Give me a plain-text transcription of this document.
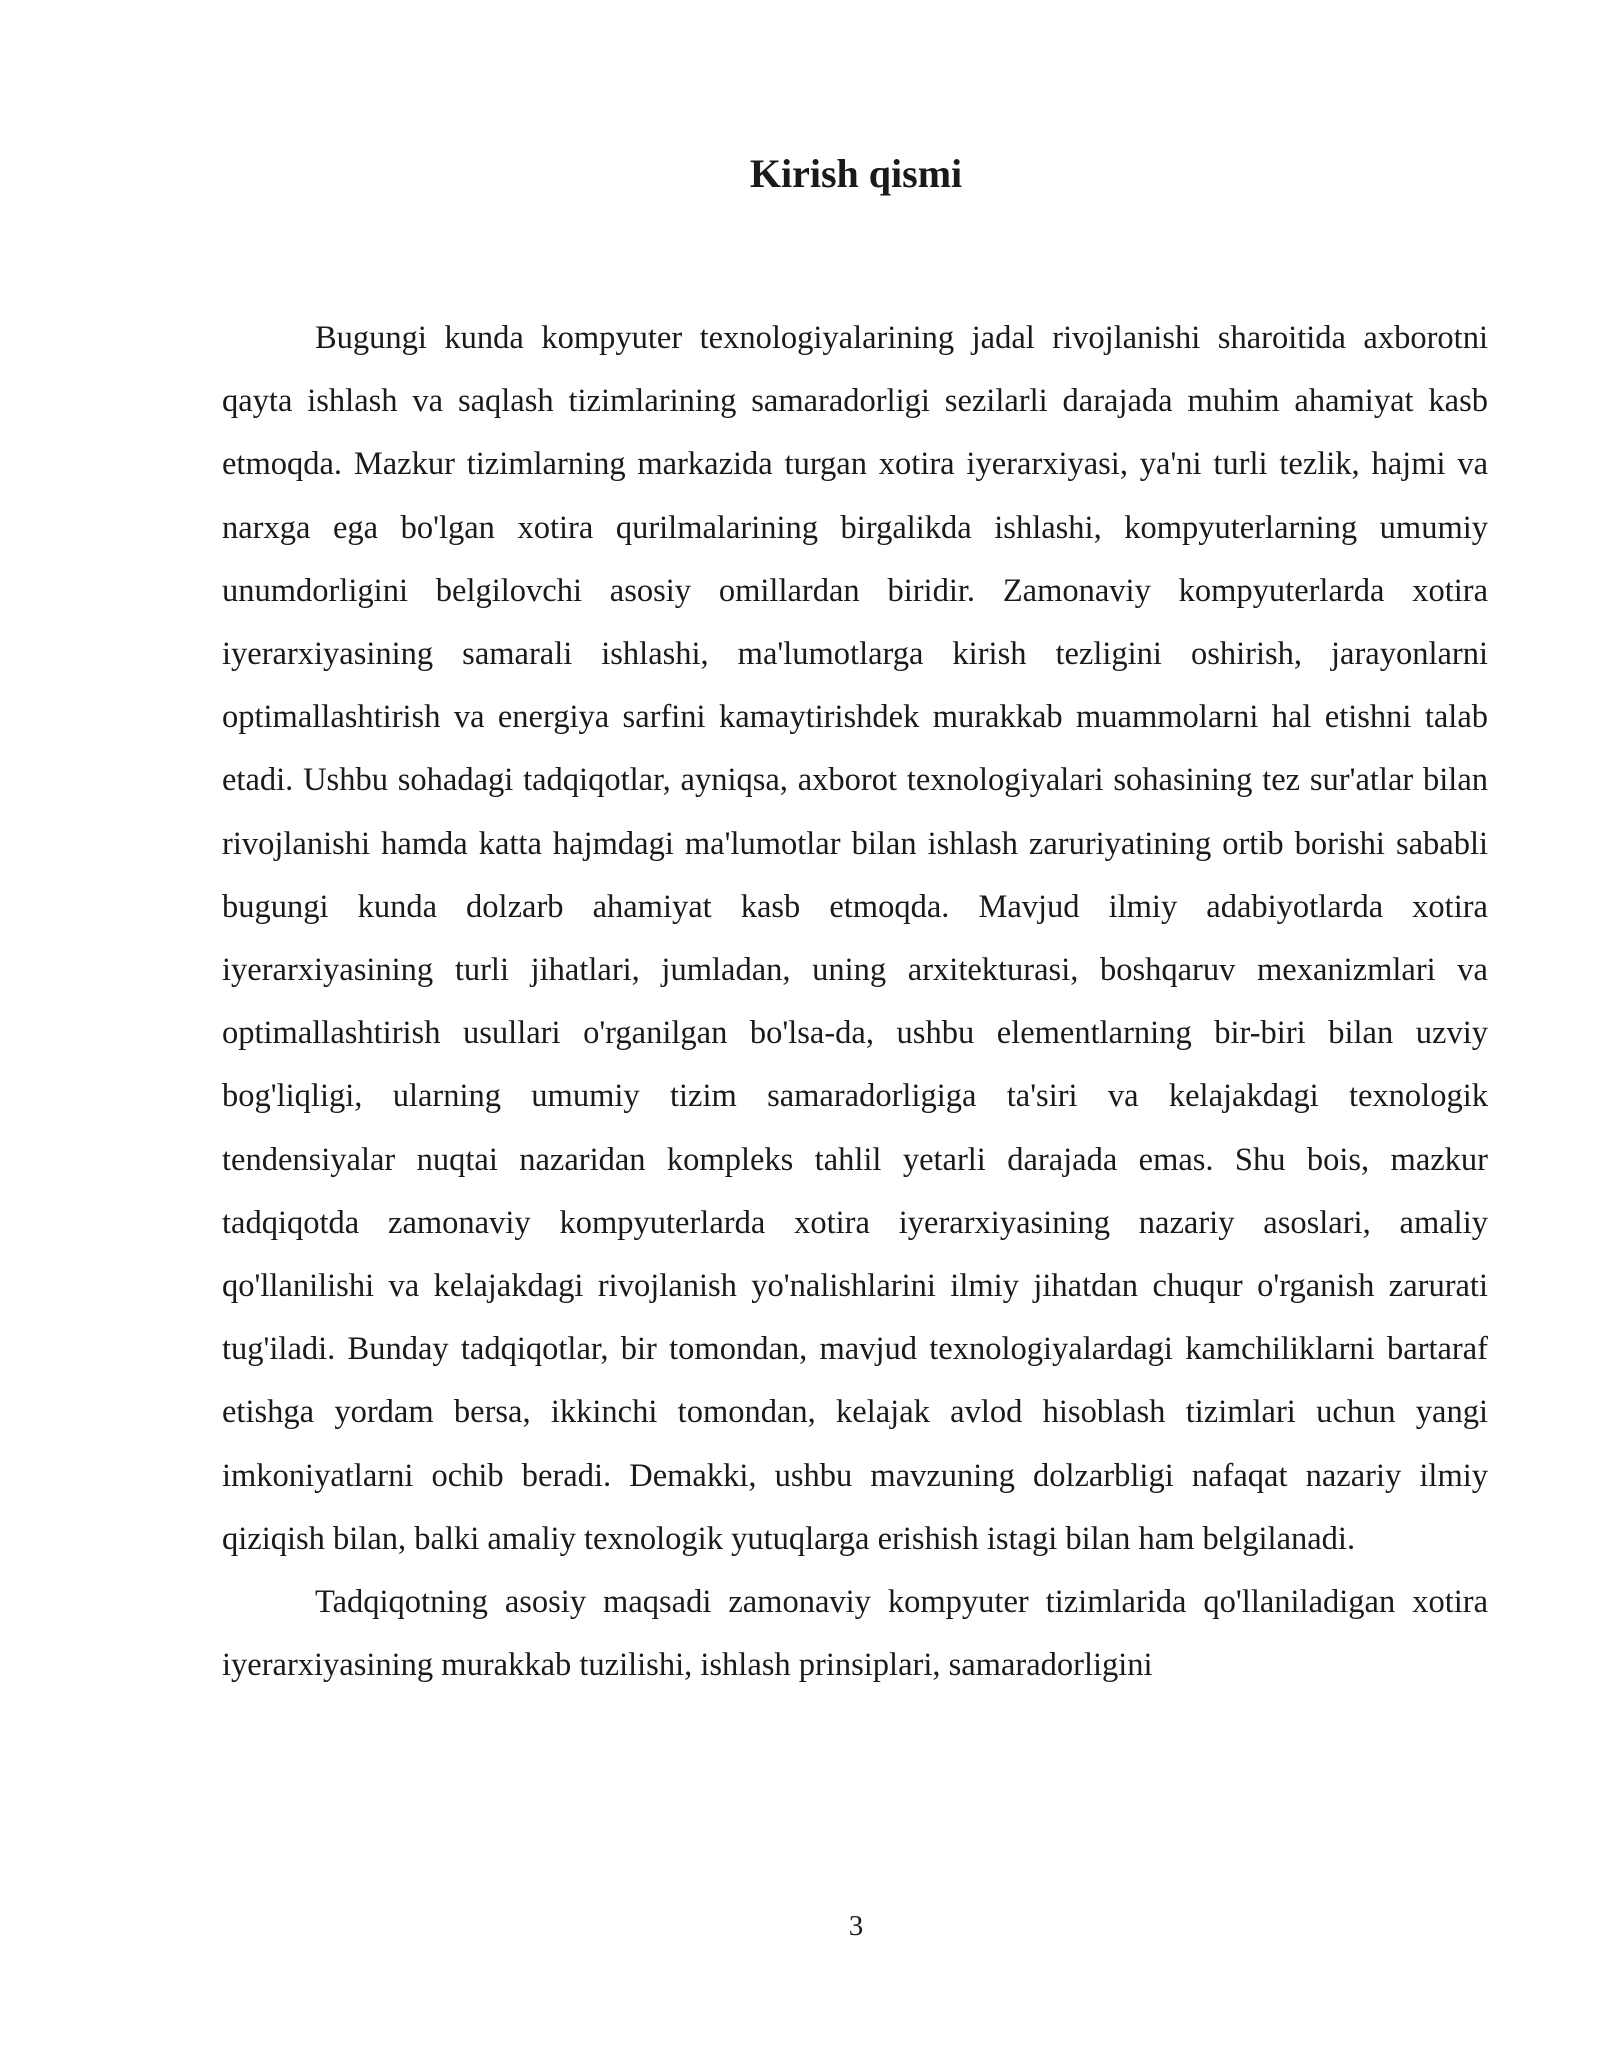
Kirish qismi

Bugungi kunda kompyuter texnologiyalarining jadal rivojlanishi sharoitida axborotni qayta ishlash va saqlash tizimlarining samaradorligi sezilarli darajada muhim ahamiyat kasb etmoqda. Mazkur tizimlarning markazida turgan xotira iyerarxiyasi, ya'ni turli tezlik, hajmi va narxga ega bo'lgan xotira qurilmalarining birgalikda ishlashi, kompyuterlarning umumiy unumdorligini belgilovchi asosiy omillardan biridir. Zamonaviy kompyuterlarda xotira iyerarxiyasining samarali ishlashi, ma'lumotlarga kirish tezligini oshirish, jarayonlarni optimallashtirish va energiya sarfini kamaytirishdek murakkab muammolarni hal etishni talab etadi. Ushbu sohadagi tadqiqotlar, ayniqsa, axborot texnologiyalari sohasining tez sur'atlar bilan rivojlanishi hamda katta hajmdagi ma'lumotlar bilan ishlash zaruriyatining ortib borishi sababli bugungi kunda dolzarb ahamiyat kasb etmoqda. Mavjud ilmiy adabiyotlarda xotira iyerarxiyasining turli jihatlari, jumladan, uning arxitekturasi, boshqaruv mexanizmlari va optimallashtirish usullari o'rganilgan bo'lsa-da, ushbu elementlarning bir-biri bilan uzviy bog'liqligi, ularning umumiy tizim samaradorligiga ta'siri va kelajakdagi texnologik tendensiyalar nuqtai nazaridan kompleks tahlil yetarli darajada emas. Shu bois, mazkur tadqiqotda zamonaviy kompyuterlarda xotira iyerarxiyasining nazariy asoslari, amaliy qo'llanilishi va kelajakdagi rivojlanish yo'nalishlarini ilmiy jihatdan chuqur o'rganish zarurati tug'iladi. Bunday tadqiqotlar, bir tomondan, mavjud texnologiyalardagi kamchiliklarni bartaraf etishga yordam bersa, ikkinchi tomondan, kelajak avlod hisoblash tizimlari uchun yangi imkoniyatlarni ochib beradi. Demakki, ushbu mavzuning dolzarbligi nafaqat nazariy ilmiy qiziqish bilan, balki amaliy texnologik yutuqlarga erishish istagi bilan ham belgilanadi.

Tadqiqotning asosiy maqsadi zamonaviy kompyuter tizimlarida qo'llaniladigan xotira iyerarxiyasining murakkab tuzilishi, ishlash prinsiplari, samaradorligini

3
